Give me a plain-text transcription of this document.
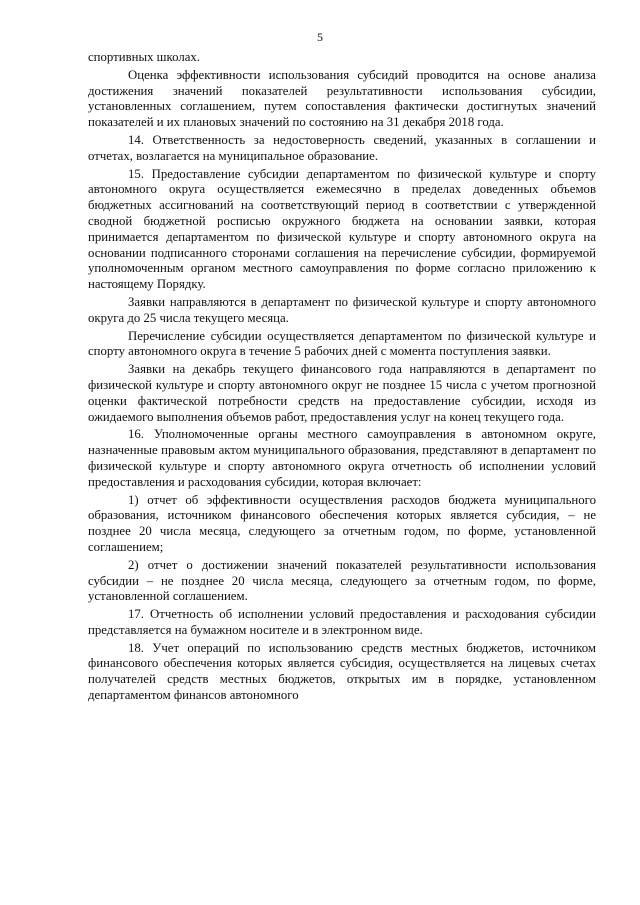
5

спортивных школах.

Оценка эффективности использования субсидий проводится на основе анализа достижения значений показателей результативности использования субсидии, установленных соглашением, путем сопоставления фактически достигнутых значений показателей и их плановых значений по состоянию на 31 декабря 2018 года.

14. Ответственность за недостоверность сведений, указанных в соглашении и отчетах, возлагается на муниципальное образование.

15. Предоставление субсидии департаментом по физической культуре и спорту автономного округа осуществляется ежемесячно в пределах доведенных объемов бюджетных ассигнований на соответствующий период в соответствии с утвержденной сводной бюджетной росписью окружного бюджета на основании заявки, которая принимается департаментом по физической культуре и спорту автономного округа на основании подписанного сторонами соглашения на перечисление субсидии, формируемой уполномоченным органом местного самоуправления по форме согласно приложению к настоящему Порядку.

Заявки направляются в департамент по физической культуре и спорту автономного округа до 25 числа текущего месяца.

Перечисление субсидии осуществляется департаментом по физической культуре и спорту автономного округа в течение 5 рабочих дней с момента поступления заявки.

Заявки на декабрь текущего финансового года направляются в департамент по физической культуре и спорту автономного округ не позднее 15 числа с учетом прогнозной оценки фактической потребности средств на предоставление субсидии, исходя из ожидаемого выполнения объемов работ, предоставления услуг на конец текущего года.

16. Уполномоченные органы местного самоуправления в автономном округе, назначенные правовым актом муниципального образования, представляют в департамент по физической культуре и спорту автономного округа отчетность об исполнении условий предоставления и расходования субсидии, которая включает:

1) отчет об эффективности осуществления расходов бюджета муниципального образования, источником финансового обеспечения которых является субсидия, – не позднее 20 числа месяца, следующего за отчетным годом, по форме, установленной соглашением;

2) отчет о достижении значений показателей результативности использования субсидии – не позднее 20 числа месяца, следующего за отчетным годом, по форме, установленной соглашением.

17. Отчетность об исполнении условий предоставления и расходования субсидии представляется на бумажном носителе и в электронном виде.

18. Учет операций по использованию средств местных бюджетов, источником финансового обеспечения которых является субсидия, осуществляется на лицевых счетах получателей средств местных бюджетов, открытых им в порядке, установленном департаментом финансов автономного
